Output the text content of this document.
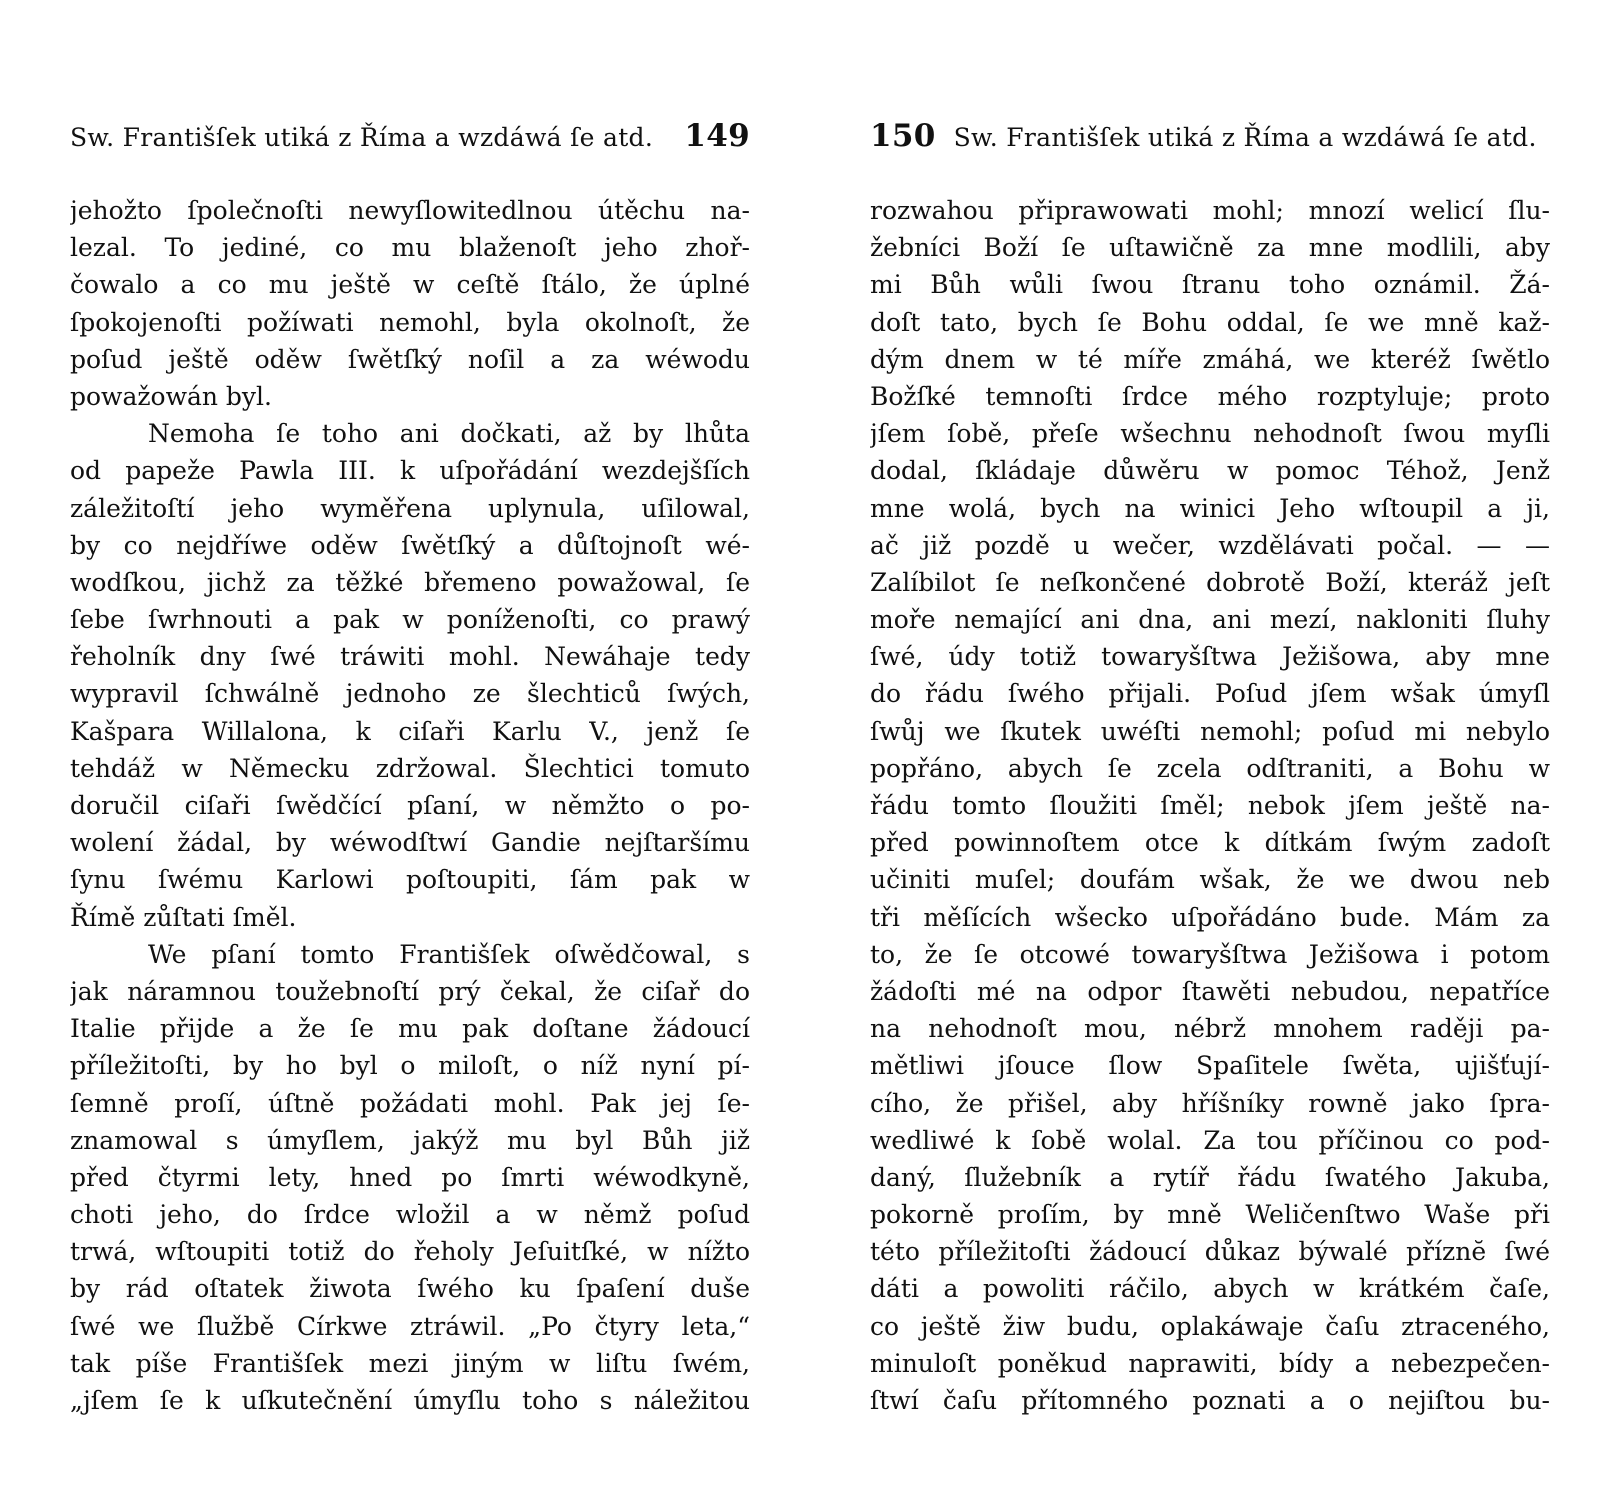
Sw. Františſek utiká z Říma a wzdáwá ſe atd. 149
jehožto ſpolečnoſti newyſlowitedlnou útěchu na-
lezal. To jediné, co mu blaženoſt jeho zhoř-
čowalo a co mu ještě w ceſtě ſtálo, že úplné
ſpokojenoſti požíwati nemohl, byla okolnoſt, že
poſud ještě oděw ſwětſký noſil a za wéwodu
powažowán byl.
Nemoha ſe toho ani dočkati, až by lhůta
od papeže Pawla III. k uſpořádání wezdejšſích
záležitoſtí jeho wyměřena uplynula, uſilowal,
by co nejdříwe oděw ſwětſký a důſtojnoſt wé-
wodſkou, jichž za těžké břemeno powažowal, ſe
ſebe ſwrhnouti a pak w poníženoſti, co prawý
řeholník dny ſwé tráwiti mohl. Newáhaje tedy
wypravil ſchwálně jednoho ze šlechticů ſwých,
Kašpara Willalona, k ciſaři Karlu V., jenž ſe
tehdáž w Německu zdržowal. Šlechtici tomuto
doručil ciſaři ſwědčící pſaní, w němžto o po-
wolení žádal, by wéwodſtwí Gandie nejſtaršímu
ſynu ſwému Karlowi poſtoupiti, ſám pak w
Římě zůſtati ſměl.
We pſaní tomto Františſek oſwědčowal, s
jak náramnou toužebnoſtí prý čekal, že ciſař do
Italie přijde a že ſe mu pak doſtane žádoucí
příležitoſti, by ho byl o miloſt, o níž nyní pí-
ſemně proſí, úſtně požádati mohl. Pak jej ſe-
znamowal s úmyſlem, jakýž mu byl Bůh již
před čtyrmi lety, hned po ſmrti wéwodkyně,
choti jeho, do ſrdce wložil a w němž poſud
trwá, wſtoupiti totiž do řeholy Jeſuitſké, w nížto
by rád oſtatek žiwota ſwého ku ſpaſení duše
ſwé we ſlužbě Církwe ztráwil. „Po čtyry leta,“
tak píše Františſek mezi jiným w liſtu ſwém,
„jſem ſe k uſkutečnění úmyſlu toho s náležitou
150 Sw. Františſek utiká z Říma a wzdáwá ſe atd.
rozwahou připrawowati mohl; mnozí welicí ſlu-
žebníci Boží ſe uſtawičně za mne modlili, aby
mi Bůh wůli ſwou ſtranu toho oznámil. Žá-
doſt tato, bych ſe Bohu oddal, ſe we mně kaž-
dým dnem w té míře zmáhá, we kteréž ſwětlo
Božſké temnoſti ſrdce mého rozptyluje; proto
jſem ſobě, přeſe wšechnu nehodnoſt ſwou myſli
dodal, ſkládaje důwěru w pomoc Téhož, Jenž
mne wolá, bych na winici Jeho wſtoupil a ji,
ač již pozdě u wečer, wzdělávati počal. — —
Zalíbilot ſe neſkončené dobrotě Boží, kteráž jeſt
moře nemající ani dna, ani mezí, nakloniti ſluhy
ſwé, údy totiž towaryšſtwa Ježišowa, aby mne
do řádu ſwého přijali. Poſud jſem wšak úmyſl
ſwůj we ſkutek uwéſti nemohl; poſud mi nebylo
popřáno, abych ſe zcela odſtraniti, a Bohu w
řádu tomto ſloužiti ſměl; nebok jſem ještě na-
před powinnoſtem otce k dítkám ſwým zadoſt
učiniti muſel; doufám wšak, že we dwou neb
tři měſících wšecko uſpořádáno bude. Mám za
to, že ſe otcowé towaryšſtwa Ježišowa i potom
žádoſti mé na odpor ſtawěti nebudou, nepatříce
na nehodnoſt mou, nébrž mnohem raději pa-
mětliwi jſouce ſlow Spaſitele ſwěta, ujišťují-
cího, že přišel, aby hříšníky rowně jako ſpra-
wedliwé k ſobě wolal. Za tou příčinou co pod-
daný, ſlužebník a rytíř řádu ſwatého Jakuba,
pokorně proſím, by mně Weličenſtwo Waše při
této příležitoſti žádoucí důkaz býwalé příznĕ ſwé
dáti a powoliti ráčilo, abych w krátkém čaſe,
co ještě žiw budu, oplakáwaje čaſu ztraceného,
minuloſt poněkud naprawiti, bídy a nebezpečen-
ſtwí čaſu přítomného poznati a o nejiſtou bu-
